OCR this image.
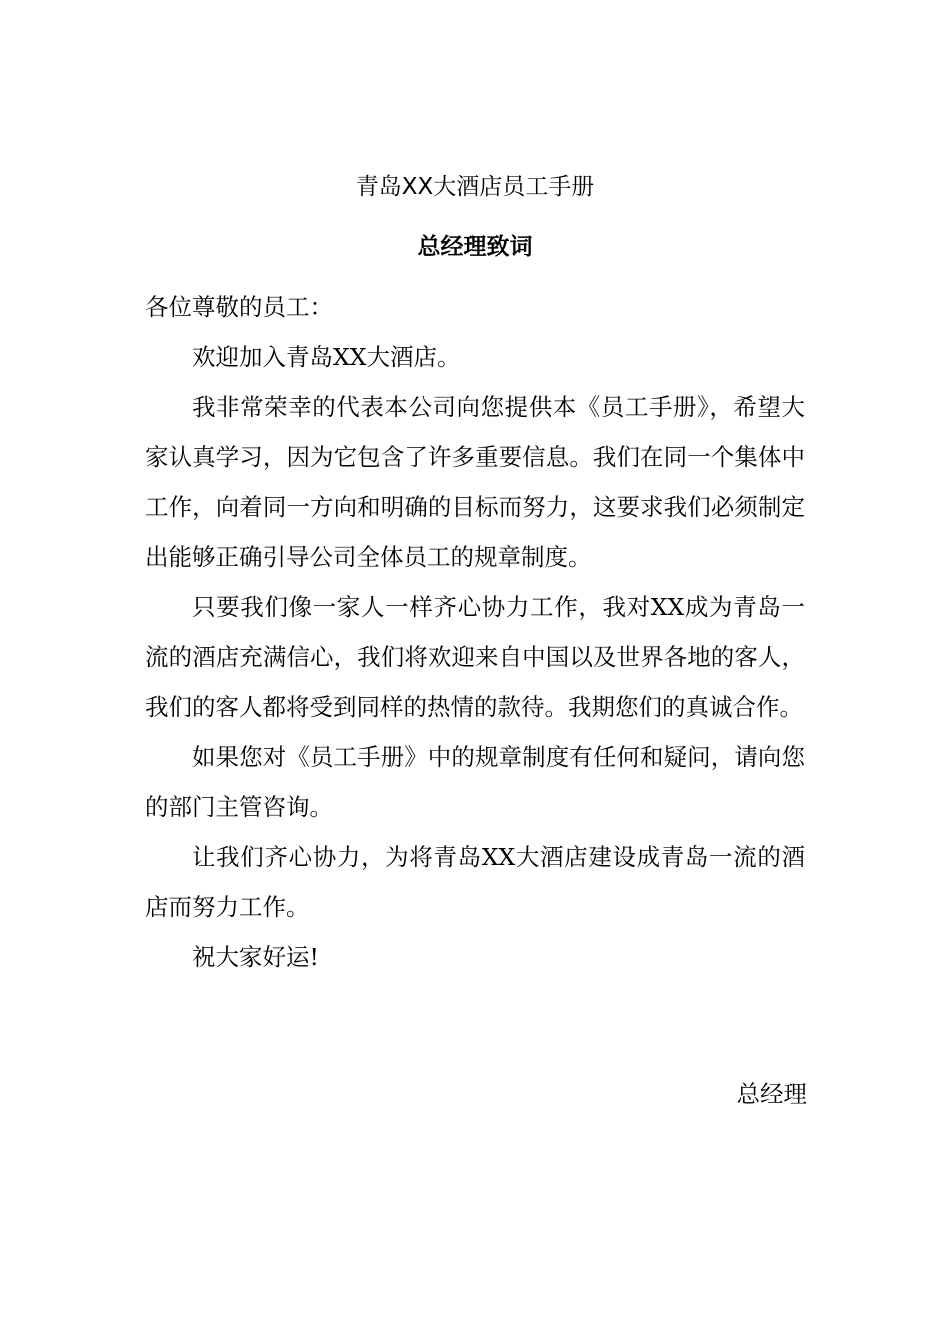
青岛XX大酒店员工手册
总经理致词

各位尊敬的员工：

欢迎加入青岛XX大酒店。

我非常荣幸的代表本公司向您提供本《员工手册》，希望大家认真学习，因为它包含了许多重要信息。我们在同一个集体中工作，向着同一方向和明确的目标而努力，这要求我们必须制定出能够正确引导公司全体员工的规章制度。

只要我们像一家人一样齐心协力工作，我对XX成为青岛一流的酒店充满信心，我们将欢迎来自中国以及世界各地的客人，我们的客人都将受到同样的热情的款待。我期您们的真诚合作。

如果您对《员工手册》中的规章制度有任何和疑问，请向您的部门主管咨询。

让我们齐心协力，为将青岛XX大酒店建设成青岛一流的酒店而努力工作。

祝大家好运!

总经理
